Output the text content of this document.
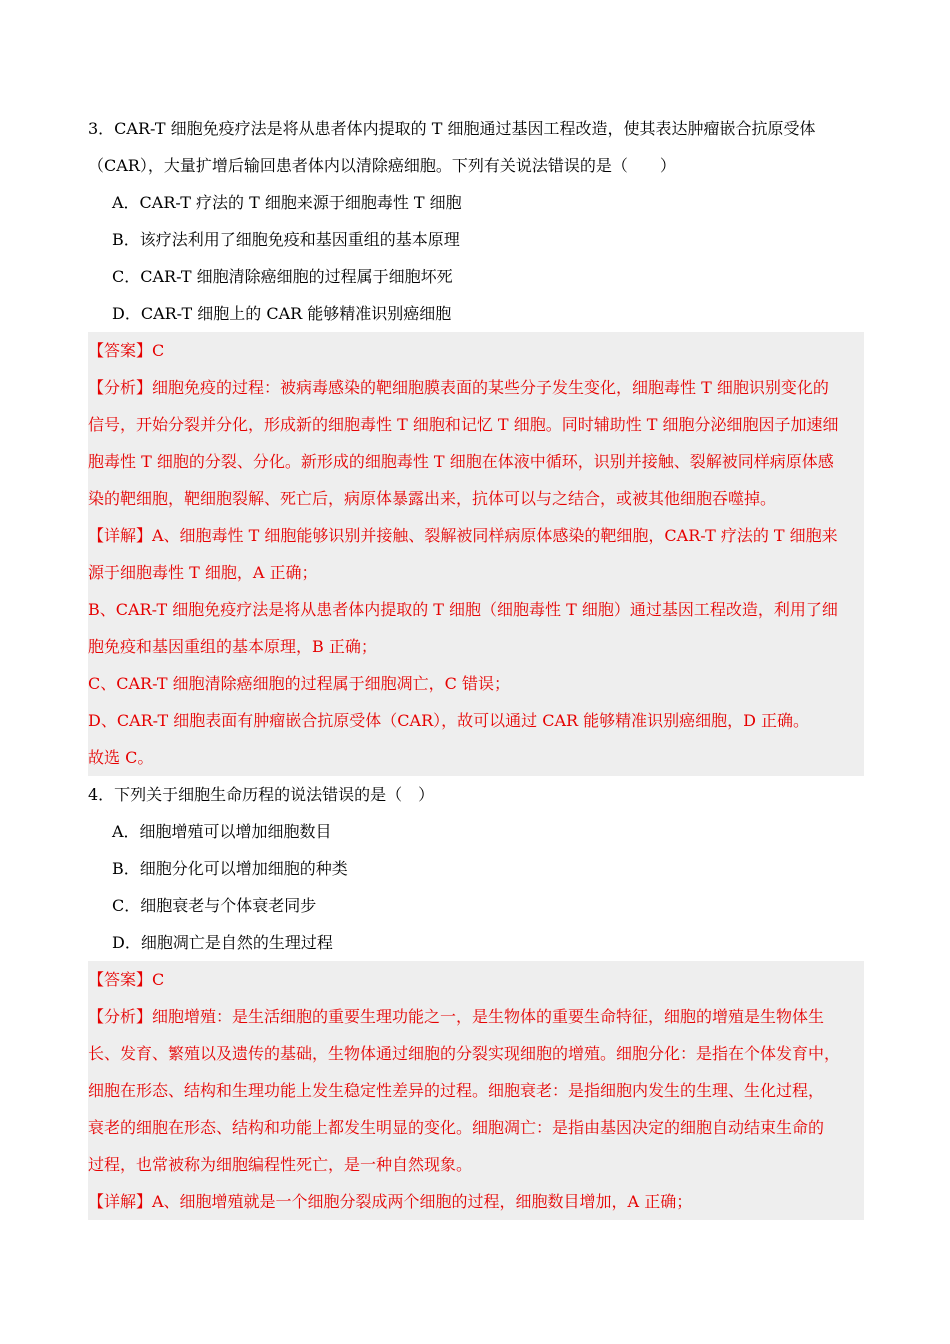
3．CAR-T 细胞免疫疗法是将从患者体内提取的 T 细胞通过基因工程改造，使其表达肿瘤嵌合抗原受体
（CAR），大量扩增后输回患者体内以清除癌细胞。下列有关说法错误的是（　　）
A．CAR-T 疗法的 T 细胞来源于细胞毒性 T 细胞
B．该疗法利用了细胞免疫和基因重组的基本原理
C．CAR-T 细胞清除癌细胞的过程属于细胞坏死
D．CAR-T 细胞上的 CAR 能够精准识别癌细胞
【答案】C
【分析】细胞免疫的过程：被病毒感染的靶细胞膜表面的某些分子发生变化，细胞毒性 T 细胞识别变化的
信号，开始分裂并分化，形成新的细胞毒性 T 细胞和记忆 T 细胞。同时辅助性 T 细胞分泌细胞因子加速细
胞毒性 T 细胞的分裂、分化。新形成的细胞毒性 T 细胞在体液中循环，识别并接触、裂解被同样病原体感
染的靶细胞，靶细胞裂解、死亡后，病原体暴露出来，抗体可以与之结合，或被其他细胞吞噬掉。
【详解】A、细胞毒性 T 细胞能够识别并接触、裂解被同样病原体感染的靶细胞，CAR-T 疗法的 T 细胞来
源于细胞毒性 T 细胞，A 正确；
B、CAR-T 细胞免疫疗法是将从患者体内提取的 T 细胞（细胞毒性 T 细胞）通过基因工程改造，利用了细
胞免疫和基因重组的基本原理，B 正确；
C、CAR-T 细胞清除癌细胞的过程属于细胞凋亡，C 错误；
D、CAR-T 细胞表面有肿瘤嵌合抗原受体（CAR），故可以通过 CAR 能够精准识别癌细胞，D 正确。
故选 C。
4．下列关于细胞生命历程的说法错误的是（　）
A．细胞增殖可以增加细胞数目
B．细胞分化可以增加细胞的种类
C．细胞衰老与个体衰老同步
D．细胞凋亡是自然的生理过程
【答案】C
【分析】细胞增殖：是生活细胞的重要生理功能之一，是生物体的重要生命特征，细胞的增殖是生物体生
长、发育、繁殖以及遗传的基础，生物体通过细胞的分裂实现细胞的增殖。细胞分化：是指在个体发育中，
细胞在形态、结构和生理功能上发生稳定性差异的过程。细胞衰老：是指细胞内发生的生理、生化过程，
衰老的细胞在形态、结构和功能上都发生明显的变化。细胞凋亡：是指由基因决定的细胞自动结束生命的
过程，也常被称为细胞编程性死亡，是一种自然现象。
【详解】A、细胞增殖就是一个细胞分裂成两个细胞的过程，细胞数目增加，A 正确；
